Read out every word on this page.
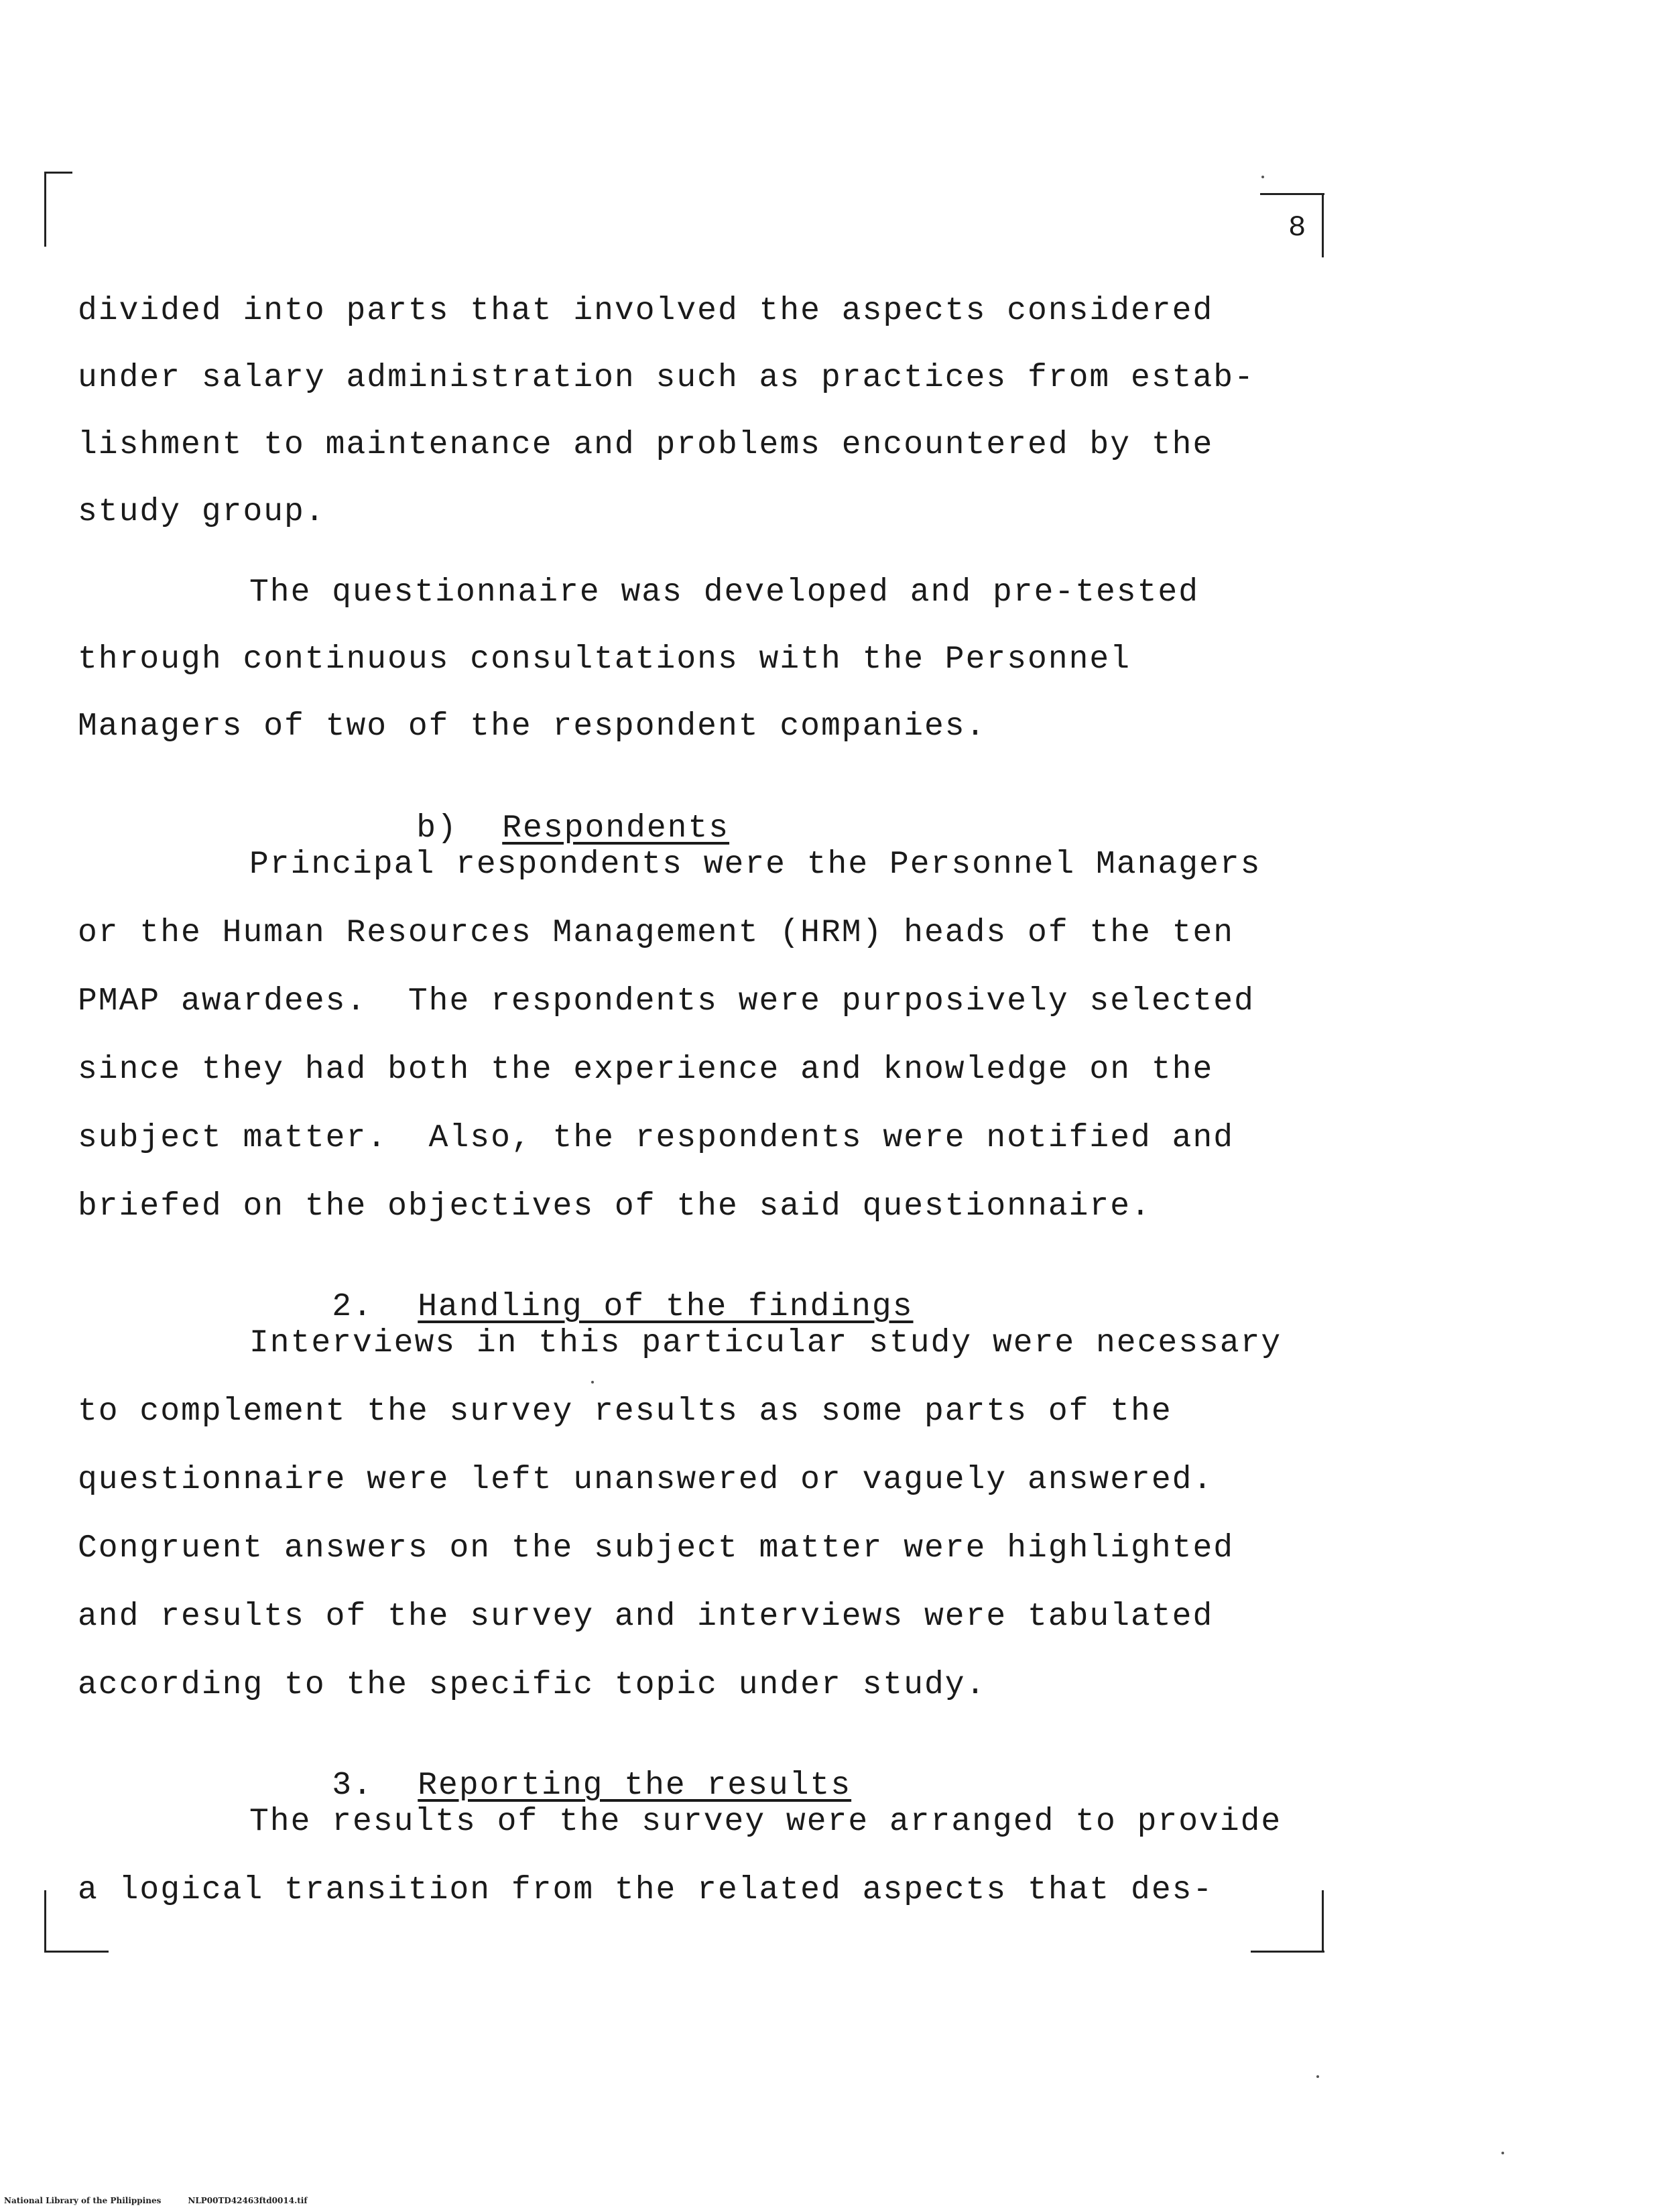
8
divided into parts that involved the aspects considered
under salary administration such as practices from estab-
lishment to maintenance and problems encountered by the
study group.
The questionnaire was developed and pre-tested
through continuous consultations with the Personnel
Managers of two of the respondent companies.

b) Respondents

Principal respondents were the Personnel Managers
or the Human Resources Management (HRM) heads of the ten
PMAP awardees.  The respondents were purposively selected
since they had both the experience and knowledge on the
subject matter.  Also, the respondents were notified and
briefed on the objectives of the said questionnaire.

2. Handling of the findings

Interviews in this particular study were necessary
to complement the survey results as some parts of the
questionnaire were left unanswered or vaguely answered.
Congruent answers on the subject matter were highlighted
and results of the survey and interviews were tabulated
according to the specific topic under study.

3. Reporting the results

The results of the survey were arranged to provide
a logical transition from the related aspects that des-
National Library of the Philippines	NLP00TD42463ftd0014.tif
